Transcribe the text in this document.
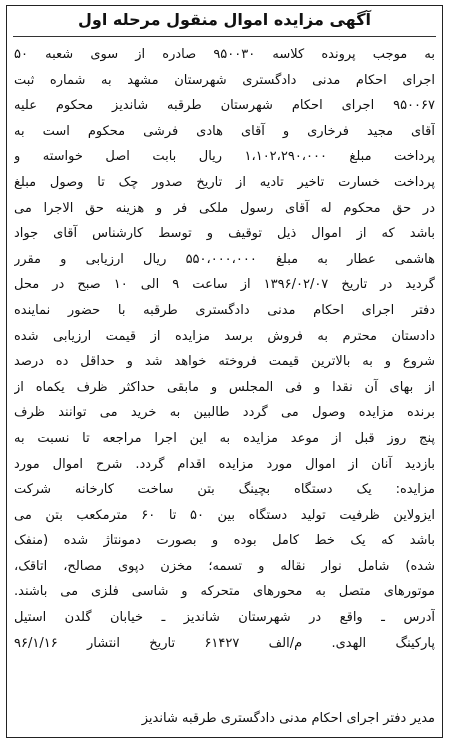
آگهی مزایده اموال منقول مرحله اول
به موجب پرونده کلاسه ۹۵۰۰۳۰ صادره از سوی شعبه ۵۰
اجرای احکام مدنی دادگستری شهرستان مشهد به شماره ثبت
۹۵۰۰۶۷ اجرای احکام شهرستان طرقبه شاندیز محکوم علیه
آقای مجید فرخاری و آقای هادی فرشی محکوم است به
پرداخت مبلغ ۱،۱۰۲،۲۹۰،۰۰۰ ریال بابت اصل خواسته و
پرداخت خسارت تاخیر تادیه از تاریخ صدور چک تا وصول مبلغ
در حق محکوم له آقای رسول ملکی فر و هزینه حق الاجرا می
باشد که از اموال ذیل توقیف و توسط کارشناس آقای جواد
هاشمی عطار به مبلغ ۵۵۰،۰۰۰،۰۰۰ ریال ارزیابی و مقرر
گردید در تاریخ ۱۳۹۶/۰۲/۰۷ از ساعت ۹ الی ۱۰ صبح در محل
دفتر اجرای احکام مدنی دادگستری طرقبه با حضور نماینده
دادستان محترم به فروش برسد مزایده از قیمت ارزیابی شده
شروع و به بالاترین قیمت فروخته خواهد شد و حداقل ده درصد
از بهای آن نقدا و فی المجلس و مابقی حداکثر ظرف یکماه از
برنده مزایده وصول می گردد طالبین به خرید می توانند ظرف
پنج روز قبل از موعد مزایده به این اجرا مراجعه تا نسبت به
بازدید آنان از اموال مورد مزایده اقدام گردد. شرح اموال مورد
مزایده: یک دستگاه بچینگ بتن ساخت کارخانه شرکت
ایزولاین ظرفیت تولید دستگاه بین ۵۰ تا ۶۰ مترمکعب بتن می
باشد که یک خط کامل بوده و بصورت دمونتاژ شده (منفک
شده) شامل نوار نقاله و تسمه؛ مخزن دپوی مصالح، اتاقک،
موتورهای متصل به محورهای متحرکه و شاسی فلزی می باشند.
آدرس ـ واقع در شهرستان شاندیز ـ خیابان گلدن استیل
پارکینگ الهدی. م/الف ۶۱۴۲۷ تاریخ انتشار ۹۶/۱/۱۶
مدیر دفتر اجرای احکام مدنی دادگستری طرقبه شاندیز
